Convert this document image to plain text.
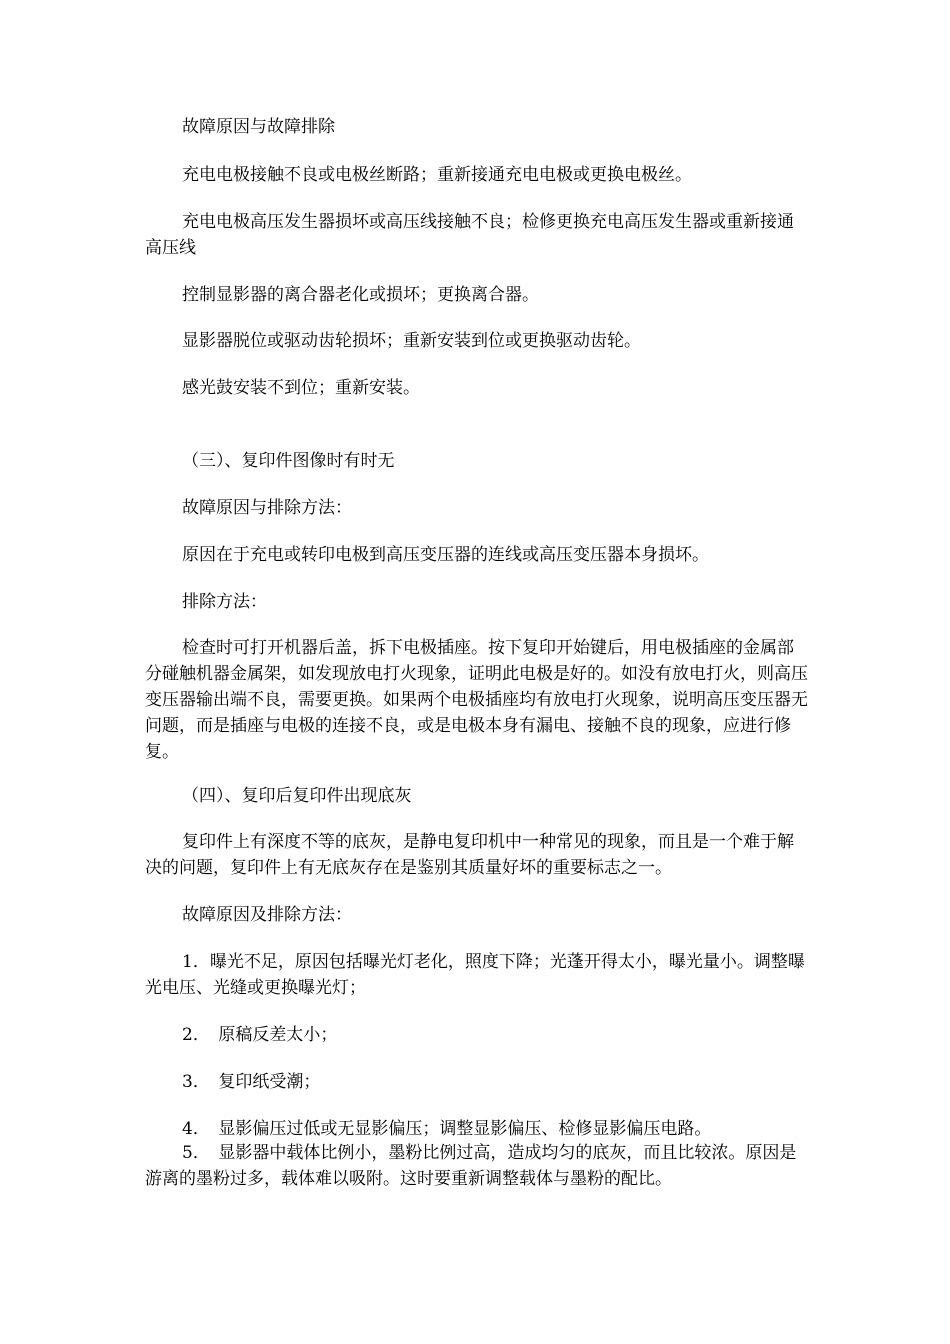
故障原因与故障排除
充电电极接触不良或电极丝断路；重新接通充电电极或更换电极丝。
充电电极高压发生器损坏或高压线接触不良；检修更换充电高压发生器或重新接通高压线
控制显影器的离合器老化或损坏；更换离合器。
显影器脱位或驱动齿轮损坏；重新安装到位或更换驱动齿轮。
感光鼓安装不到位；重新安装。
（三）、复印件图像时有时无
故障原因与排除方法：
原因在于充电或转印电极到高压变压器的连线或高压变压器本身损坏。
排除方法：
检查时可打开机器后盖，拆下电极插座。按下复印开始键后，用电极插座的金属部分碰触机器金属架，如发现放电打火现象，证明此电极是好的。如没有放电打火，则高压变压器输出端不良，需要更换。如果两个电极插座均有放电打火现象，说明高压变压器无问题，而是插座与电极的连接不良，或是电极本身有漏电、接触不良的现象，应进行修复。
（四）、复印后复印件出现底灰
复印件上有深度不等的底灰，是静电复印机中一种常见的现象，而且是一个难于解决的问题，复印件上有无底灰存在是鉴别其质量好坏的重要标志之一。
故障原因及排除方法：
1．曝光不足，原因包括曝光灯老化，照度下降；光蓬开得太小，曝光量小。调整曝光电压、光缝或更换曝光灯；
2．　原稿反差太小；
3．　复印纸受潮；
4．　显影偏压过低或无显影偏压；调整显影偏压、检修显影偏压电路。
5．　显影器中载体比例小，墨粉比例过高，造成均匀的底灰，而且比较浓。原因是游离的墨粉过多，载体难以吸附。这时要重新调整载体与墨粉的配比。
